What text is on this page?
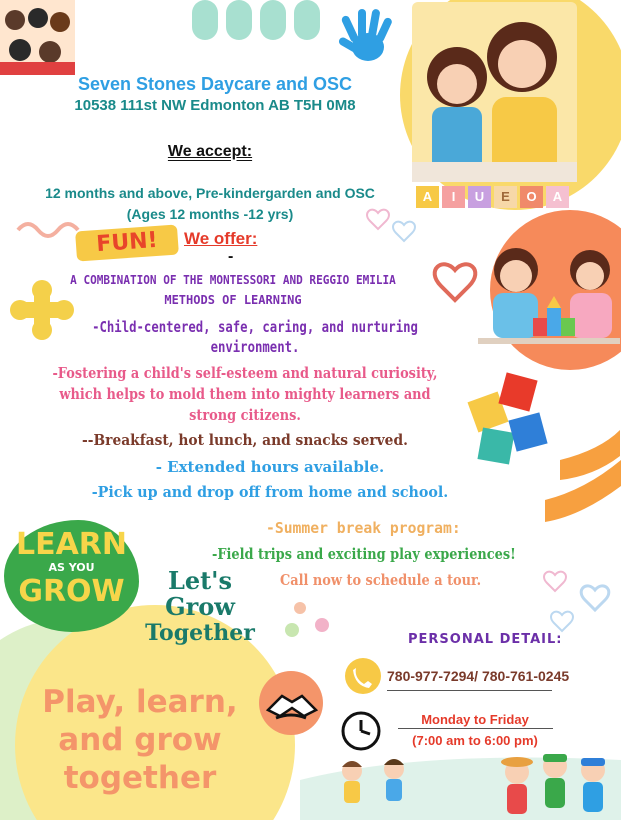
A	I	U	E	O	A
FUN!
Seven Stones Daycare and OSC
10538 111st NW Edmonton AB T5H 0M8
We accept:
12 months and above, Pre-kindergarden and OSC
(Ages 12 months -12 yrs)
We offer:
-
A COMBINATION OF THE MONTESSORI AND REGGIO EMILIA
METHODS OF LEARNING
-Child-centered, safe, caring, and nurturing
environment.
-Fostering a child's self-esteem and natural curiosity,
which helps to mold them into mighty learners and
strong citizens.
--Breakfast, hot lunch, and snacks served.
- Extended hours available.
-Pick up and drop off from home and school.
-Summer break program:
-Field trips and exciting play experiences!
Call now to schedule a tour.
LEARN
AS YOU
GROW	Let's
Grow
Together
Play, learn,
and grow
together
PERSONAL DETAIL:
780-977-7294/ 780-761-0245
Monday to Friday
(7:00 am to 6:00 pm)
